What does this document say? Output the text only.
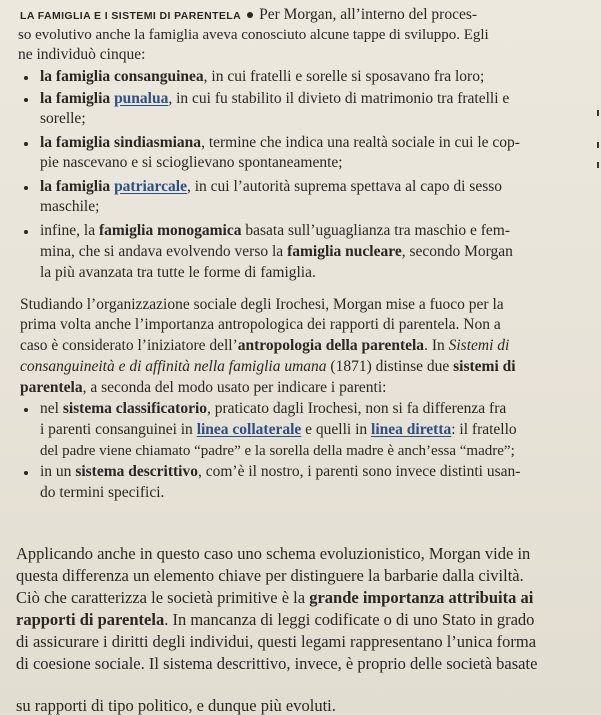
LA FAMIGLIA E I SISTEMI DI PARENTELA Per Morgan, all’interno del proces-
so evolutivo anche la famiglia aveva conosciuto alcune tappe di sviluppo. Egli
ne individuò cinque:
la famiglia consanguinea, in cui fratelli e sorelle si sposavano fra loro;
la famiglia punalua, in cui fu stabilito il divieto di matrimonio tra fratelli e
sorelle;
la famiglia sindiasmiana, termine che indica una realtà sociale in cui le cop-
pie nascevano e si scioglievano spontaneamente;
la famiglia patriarcale, in cui l’autorità suprema spettava al capo di sesso
maschile;
infine, la famiglia monogamica basata sull’uguaglianza tra maschio e fem-
mina, che si andava evolvendo verso la famiglia nucleare, secondo Morgan
la più avanzata tra tutte le forme di famiglia.
Studiando l’organizzazione sociale degli Irochesi, Morgan mise a fuoco per la
prima volta anche l’importanza antropologica dei rapporti di parentela. Non a
caso è considerato l’iniziatore dell’antropologia della parentela. In Sistemi di
consanguineità e di affinità nella famiglia umana (1871) distinse due sistemi di
parentela, a seconda del modo usato per indicare i parenti:
nel sistema classificatorio, praticato dagli Irochesi, non si fa differenza fra
i parenti consanguinei in linea collaterale e quelli in linea diretta: il fratello
del padre viene chiamato “padre” e la sorella della madre è anch’essa “madre”;
in un sistema descrittivo, com’è il nostro, i parenti sono invece distinti usan-
do termini specifici.
Applicando anche in questo caso uno schema evoluzionistico, Morgan vide in
questa differenza un elemento chiave per distinguere la barbarie dalla civiltà.
Ciò che caratterizza le società primitive è la grande importanza attribuita ai
rapporti di parentela. In mancanza di leggi codificate o di uno Stato in grado
di assicurare i diritti degli individui, questi legami rappresentano l’unica forma
di coesione sociale. Il sistema descrittivo, invece, è proprio delle società basate
su rapporti di tipo politico, e dunque più evoluti.
